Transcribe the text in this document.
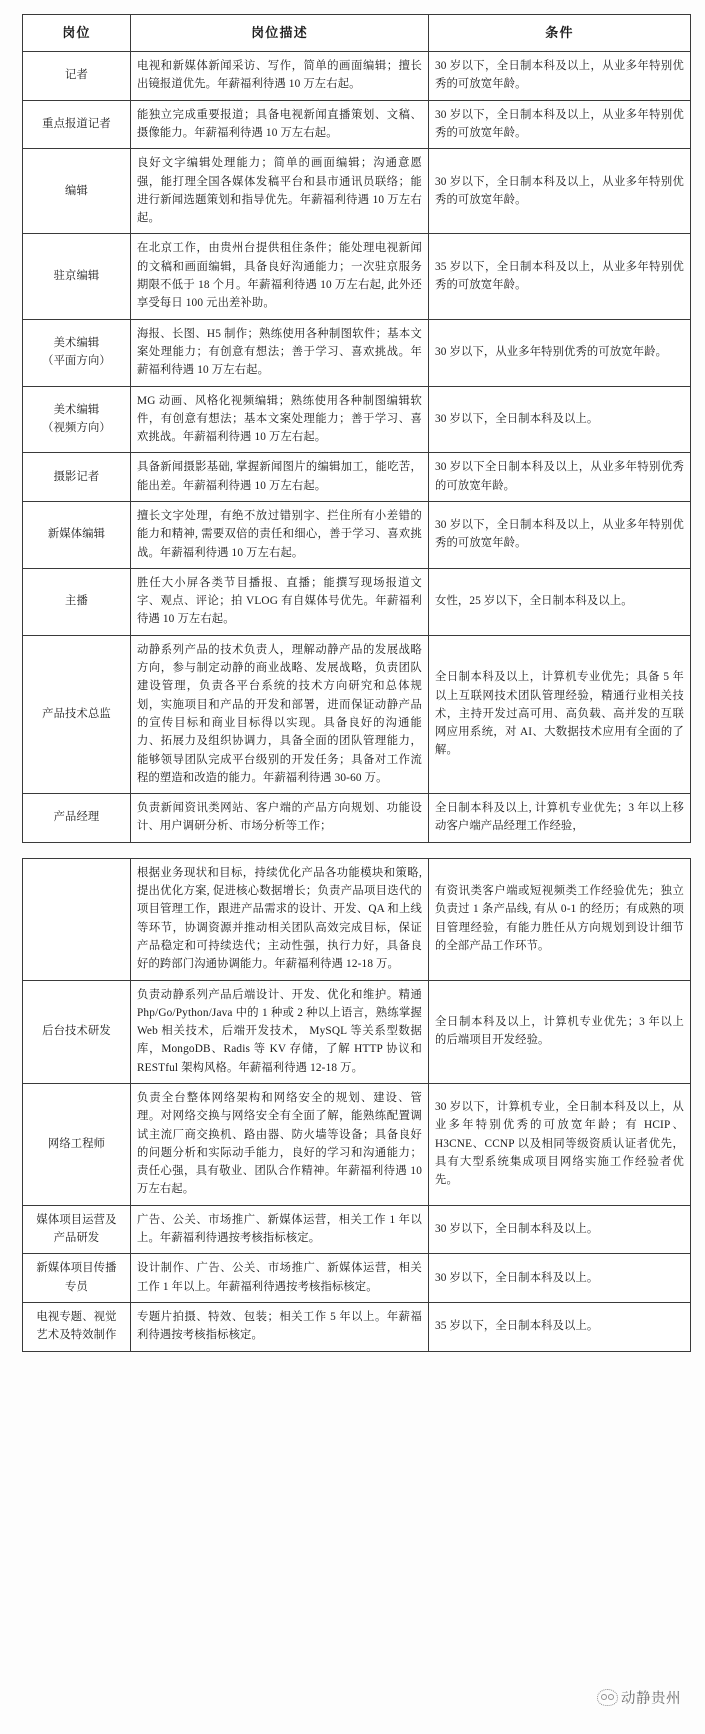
岗位	岗位描述	条件

记者	电视和新媒体新闻采访、写作，简单的画面编辑；擅长出镜报道优先。年薪福利待遇 10 万左右起。	30 岁以下，全日制本科及以上，从业多年特别优秀的可放宽年龄。

重点报道记者	能独立完成重要报道；具备电视新闻直播策划、文稿、摄像能力。年薪福利待遇 10 万左右起。	30 岁以下，全日制本科及以上，从业多年特别优秀的可放宽年龄。

编辑	良好文字编辑处理能力；简单的画面编辑；沟通意愿强，能打理全国各媒体发稿平台和县市通讯员联络；能进行新闻选题策划和指导优先。年薪福利待遇 10 万左右起。	30 岁以下，全日制本科及以上，从业多年特别优秀的可放宽年龄。

驻京编辑	在北京工作，由贵州台提供租住条件；能处理电视新闻的文稿和画面编辑，具备良好沟通能力；一次驻京服务期限不低于 18 个月。年薪福利待遇 10 万左右起, 此外还享受每日 100 元出差补助。	35 岁以下，全日制本科及以上，从业多年特别优秀的可放宽年龄。

美术编辑
（平面方向）	海报、长图、H5 制作；熟练使用各种制图软件；基本文案处理能力；有创意有想法；善于学习、喜欢挑战。年薪福利待遇 10 万左右起。	30 岁以下，从业多年特别优秀的可放宽年龄。

美术编辑
（视频方向）	MG 动画、风格化视频编辑；熟练使用各种制图编辑软件，有创意有想法；基本文案处理能力；善于学习、喜欢挑战。年薪福利待遇 10 万左右起。	30 岁以下，全日制本科及以上。

摄影记者	具备新闻摄影基础, 掌握新闻图片的编辑加工，能吃苦，能出差。年薪福利待遇 10 万左右起。	30 岁以下全日制本科及以上，从业多年特别优秀的可放宽年龄。

新媒体编辑	擅长文字处理，有绝不放过错别字、拦住所有小差错的能力和精神, 需要双倍的责任和细心，善于学习、喜欢挑战。年薪福利待遇 10 万左右起。	30 岁以下，全日制本科及以上，从业多年特别优秀的可放宽年龄。

主播	胜任大小屏各类节目播报、直播；能撰写现场报道文字、观点、评论；拍 VLOG 有自媒体号优先。年薪福利待遇 10 万左右起。	女性，25 岁以下，全日制本科及以上。

产品技术总监	动静系列产品的技术负责人，理解动静产品的发展战略方向，参与制定动静的商业战略、发展战略，负责团队建设管理，负责各平台系统的技术方向研究和总体规划，实施项目和产品的开发和部署，进而保证动静产品的宣传目标和商业目标得以实现。具备良好的沟通能力、拓展力及组织协调力，具备全面的团队管理能力，能够领导团队完成平台级别的开发任务；具备对工作流程的塑造和改造的能力。年薪福利待遇 30-60 万。	全日制本科及以上，计算机专业优先；具备 5 年以上互联网技术团队管理经验，精通行业相关技术，主持开发过高可用、高负载、高并发的互联网应用系统，对 AI、大数据技术应用有全面的了解。

产品经理	负责新闻资讯类网站、客户端的产品方向规划、功能设计、用户调研分析、市场分析等工作；	全日制本科及以上, 计算机专业优先；3 年以上移动客户端产品经理工作经验，
	根据业务现状和目标，持续优化产品各功能模块和策略, 提出优化方案, 促进核心数据增长；负责产品项目迭代的项目管理工作，跟进产品需求的设计、开发、QA 和上线等环节，协调资源并推动相关团队高效完成目标，保证产品稳定和可持续迭代；主动性强，执行力好，具备良好的跨部门沟通协调能力。年薪福利待遇 12-18 万。	有资讯类客户端或短视频类工作经验优先；独立负责过 1 条产品线, 有从 0-1 的经历；有成熟的项目管理经验，有能力胜任从方向规划到设计细节的全部产品工作环节。

后台技术研发	负责动静系列产品后端设计、开发、优化和维护。精通 Php/Go/Python/Java 中的 1 种或 2 种以上语言，熟练掌握 Web 相关技术，后端开发技术， MySQL 等关系型数据库，MongoDB、Radis 等 KV 存储，了解 HTTP 协议和 RESTful 架构风格。年薪福利待遇 12-18 万。	全日制本科及以上，计算机专业优先；3 年以上的后端项目开发经验。

网络工程师	负责全台整体网络架构和网络安全的规划、建设、管理。对网络交换与网络安全有全面了解，能熟练配置调试主流厂商交换机、路由器、防火墙等设备；具备良好的问题分析和实际动手能力，良好的学习和沟通能力；责任心强，具有敬业、团队合作精神。年薪福利待遇 10 万左右起。	30 岁以下，计算机专业，全日制本科及以上，从业多年特别优秀的可放宽年龄；有 HCIP、H3CNE、CCNP 以及相同等级资质认证者优先，具有大型系统集成项目网络实施工作经验者优先。

媒体项目运营及
产品研发	广告、公关、市场推广、新媒体运营，相关工作 1 年以上。年薪福利待遇按考核指标核定。	30 岁以下，全日制本科及以上。

新媒体项目传播
专员	设计制作、广告、公关、市场推广、新媒体运营，相关工作 1 年以上。年薪福利待遇按考核指标核定。	30 岁以下，全日制本科及以上。

电视专题、视觉
艺术及特效制作	专题片拍摄、特效、包装；相关工作 5 年以上。年薪福利待遇按考核指标核定。	35 岁以下，全日制本科及以上。
动静贵州
